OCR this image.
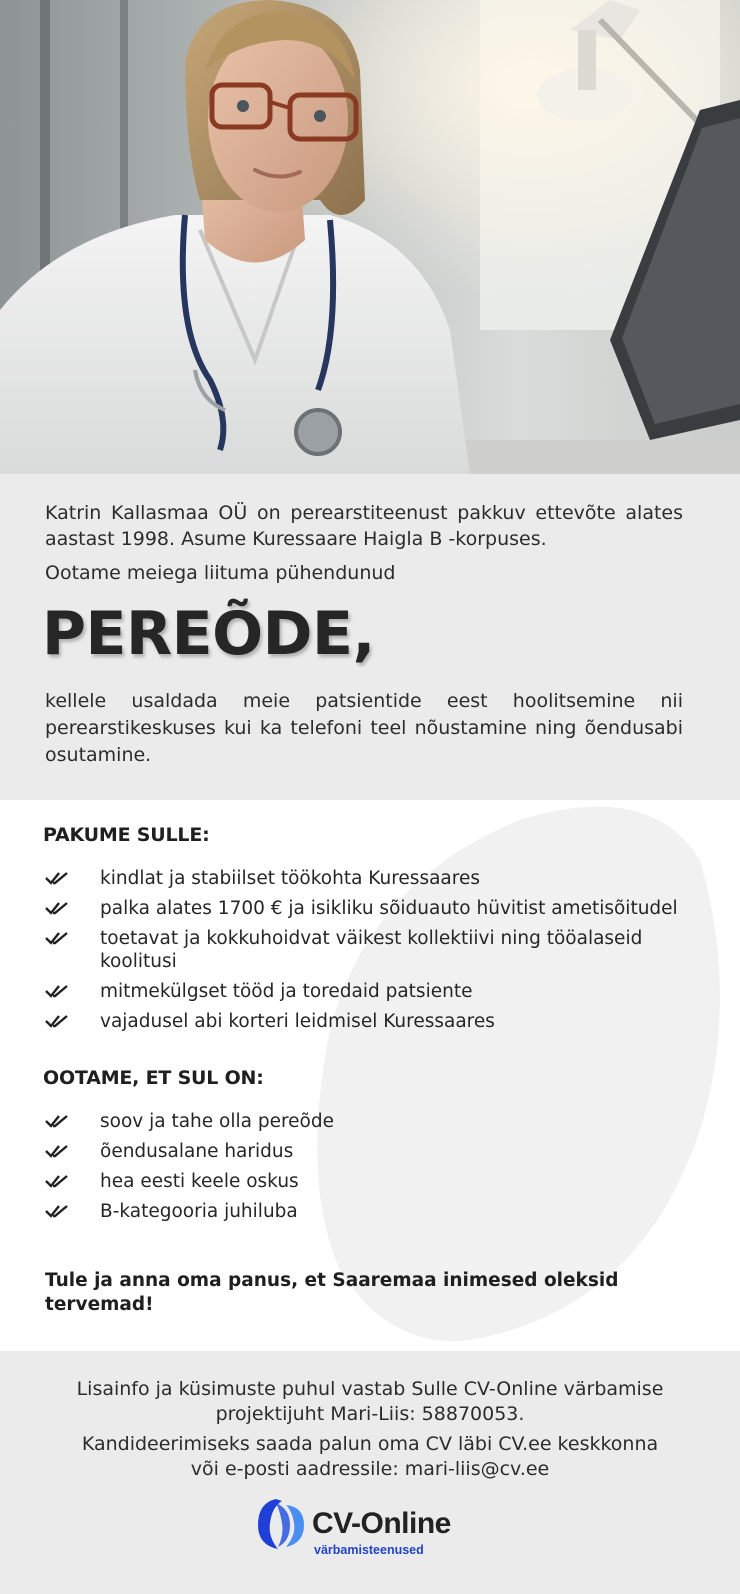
Katrin Kallasmaa OÜ on perearstiteenust pakkuv ettevõte alates aastast 1998. Asume Kuressaare Haigla B -korpuses.

Ootame meiega liituma pühendunud

PEREÕDE,

kellele usaldada meie patsientide eest hoolitsemine nii perearstikeskuses kui ka telefoni teel nõustamine ning õendusabi osutamine.

PAKUME SULLE:
kindlat ja stabiilset töökohta Kuressaares
palka alates 1700 € ja isikliku sõiduauto hüvitist ametisõitudel
toetavat ja kokkuhoidvat väikest kollektiivi ning tööalaseid koolitusi
mitmekülgset tööd ja toredaid patsiente
vajadusel abi korteri leidmisel Kuressaares
OOTAME, ET SUL ON:
soov ja tahe olla pereõde
õendusalane haridus
hea eesti keele oskus
B-kategooria juhiluba
Tule ja anna oma panus, et Saaremaa inimesed oleksid tervemad!

Lisainfo ja küsimuste puhul vastab Sulle CV-Online värbamise projektijuht Mari-Liis: 58870053.

Kandideerimiseks saada palun oma CV läbi CV.ee keskkonna või e-posti aadressile: mari-liis@cv.ee

CV-Online
värbamisteenused
